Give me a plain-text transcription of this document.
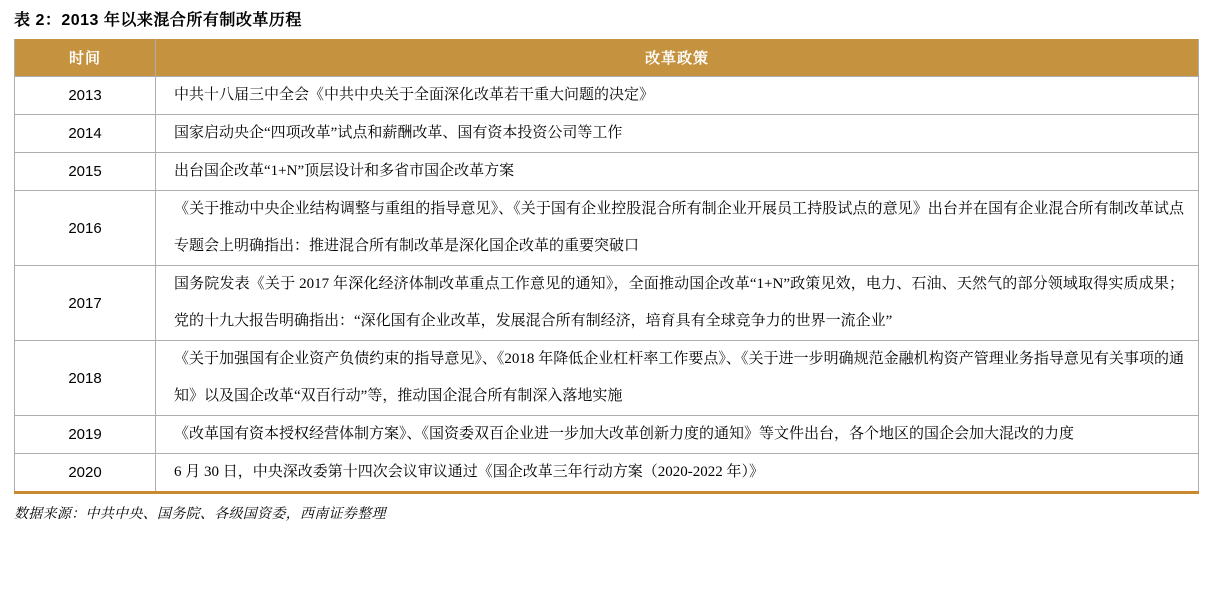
表 2：2013 年以来混合所有制改革历程
时间	改革政策
2013	中共十八届三中全会《中共中央关于全面深化改革若干重大问题的决定》
2014	国家启动央企“四项改革”试点和薪酬改革、国有资本投资公司等工作
2015	出台国企改革“1+N”顶层设计和多省市国企改革方案
2016	《关于推动中央企业结构调整与重组的指导意见》、《关于国有企业控股混合所有制企业开展员工持股试点的意见》出台并在国有企业混合所有制改革试点专题会上明确指出：推进混合所有制改革是深化国企改革的重要突破口
2017	国务院发表《关于 2017 年深化经济体制改革重点工作意见的通知》，全面推动国企改革“1+N”政策见效，电力、石油、天然气的部分领域取得实质成果；党的十九大报告明确指出：“深化国有企业改革，发展混合所有制经济，培育具有全球竞争力的世界一流企业”
2018	《关于加强国有企业资产负债约束的指导意见》、《2018 年降低企业杠杆率工作要点》、《关于进一步明确规范金融机构资产管理业务指导意见有关事项的通知》以及国企改革“双百行动”等，推动国企混合所有制深入落地实施
2019	《改革国有资本授权经营体制方案》、《国资委双百企业进一步加大改革创新力度的通知》等文件出台，各个地区的国企会加大混改的力度
2020	6 月 30 日，中央深改委第十四次会议审议通过《国企改革三年行动方案（2020-2022 年）》
数据来源：中共中央、国务院、各级国资委，西南证券整理
